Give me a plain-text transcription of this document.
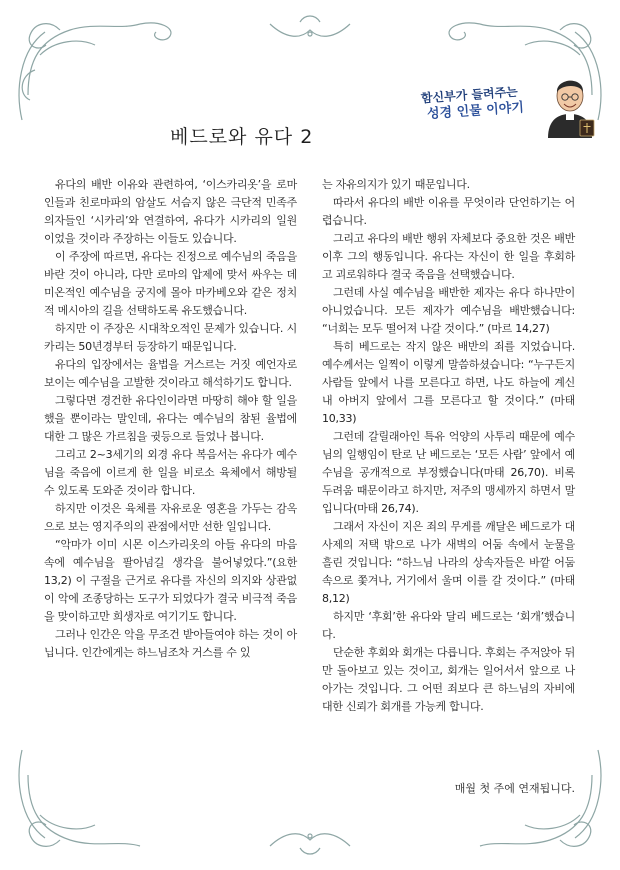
함신부가 들려주는
성경 인물 이야기
베드로와 유다 2

유다의 배반 이유와 관련하여, ‘이스카리옷’을 로마인들과 친로마파의 암살도 서슴지 않은 극단적 민족주의자들인 ‘시카리’와 연결하여, 유다가 시카리의 일원이었을 것이라 주장하는 이들도 있습니다.

이 주장에 따르면, 유다는 진정으로 예수님의 죽음을 바란 것이 아니라, 다만 로마의 압제에 맞서 싸우는 데 미온적인 예수님을 궁지에 몰아 마카베오와 같은 정치적 메시아의 길을 선택하도록 유도했습니다.

하지만 이 주장은 시대착오적인 문제가 있습니다. 시카리는 50년경부터 등장하기 때문입니다.

유다의 입장에서는 율법을 거스르는 거짓 예언자로 보이는 예수님을 고발한 것이라고 해석하기도 합니다.

그렇다면 경건한 유다인이라면 마땅히 해야 할 일을 했을 뿐이라는 말인데, 유다는 예수님의 참된 율법에 대한 그 많은 가르침을 귓등으로 들었나 봅니다.

그리고 2~3세기의 외경 유다 복음서는 유다가 예수님을 죽음에 이르게 한 일을 비로소 육체에서 해방될 수 있도록 도와준 것이라 합니다.

하지만 이것은 육체를 자유로운 영혼을 가두는 감옥으로 보는 영지주의의 관점에서만 선한 일입니다.

“악마가 이미 시몬 이스카리옷의 아들 유다의 마음속에 예수님을 팔아넘길 생각을 불어넣었다.”(요한 13,2) 이 구절을 근거로 유다를 자신의 의지와 상관없이 악에 조종당하는 도구가 되었다가 결국 비극적 죽음을 맞이하고만 희생자로 여기기도 합니다.

그러나 인간은 악을 무조건 받아들여야 하는 것이 아닙니다. 인간에게는 하느님조차 거스를 수 있

는 자유의지가 있기 때문입니다.

따라서 유다의 배반 이유를 무엇이라 단언하기는 어렵습니다.

그리고 유다의 배반 행위 자체보다 중요한 것은 배반 이후 그의 행동입니다. 유다는 자신이 한 일을 후회하고 괴로워하다 결국 죽음을 선택했습니다.

그런데 사실 예수님을 배반한 제자는 유다 하나만이 아니었습니다. 모든 제자가 예수님을 배반했습니다: “너희는 모두 떨어져 나갈 것이다.” (마르 14,27)

특히 베드로는 작지 않은 배반의 죄를 지었습니다. 예수께서는 일찍이 이렇게 말씀하셨습니다: “누구든지 사람들 앞에서 나를 모른다고 하면, 나도 하늘에 계신 내 아버지 앞에서 그를 모른다고 할 것이다.” (마태 10,33)

그런데 갈릴래아인 특유 억양의 사투리 때문에 예수님의 일행임이 탄로 난 베드로는 ‘모든 사람’ 앞에서 예수님을 공개적으로 부정했습니다(마태 26,70). 비록 두려움 때문이라고 하지만, 저주의 맹세까지 하면서 말입니다(마태 26,74).

그래서 자신이 지은 죄의 무게를 깨달은 베드로가 대사제의 저택 밖으로 나가 새벽의 어둠 속에서 눈물을 흘린 것입니다: “하느님 나라의 상속자들은 바깥 어둠 속으로 쫓겨나, 거기에서 울며 이를 갈 것이다.” (마태 8,12)

하지만 ‘후회’한 유다와 달리 베드로는 ‘회개’했습니다.

단순한 후회와 회개는 다릅니다. 후회는 주저앉아 뒤만 돌아보고 있는 것이고, 회개는 일어서서 앞으로 나아가는 것입니다. 그 어떤 죄보다 큰 하느님의 자비에 대한 신뢰가 회개를 가능케 합니다.

매월 첫 주에 연재됩니다.
